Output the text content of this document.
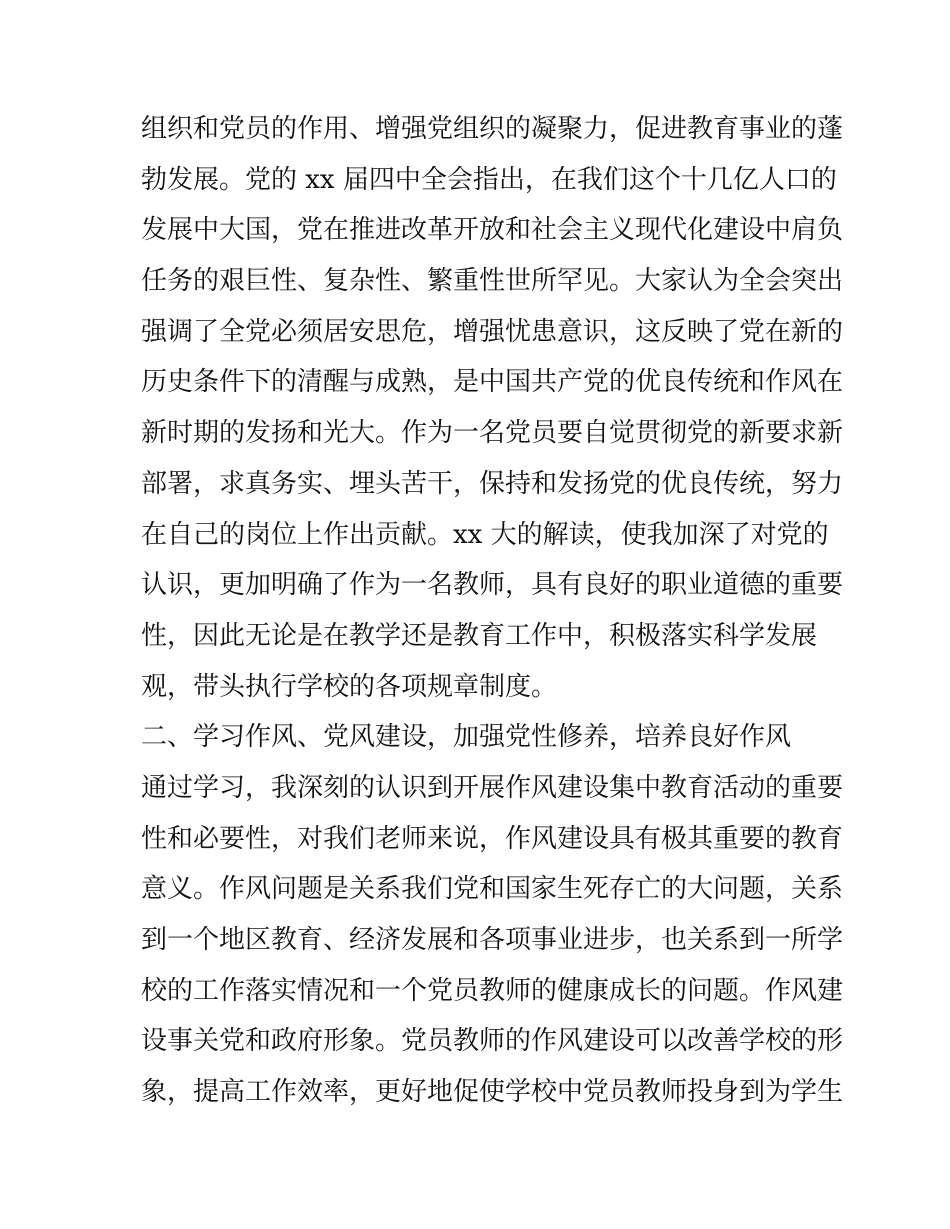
组织和党员的作用、增强党组织的凝聚力，促进教育事业的蓬
勃发展。党的 xx 届四中全会指出，在我们这个十几亿人口的
发展中大国，党在推进改革开放和社会主义现代化建设中肩负
任务的艰巨性、复杂性、繁重性世所罕见。大家认为全会突出
强调了全党必须居安思危，增强忧患意识，这反映了党在新的
历史条件下的清醒与成熟，是中国共产党的优良传统和作风在
新时期的发扬和光大。作为一名党员要自觉贯彻党的新要求新
部署，求真务实、埋头苦干，保持和发扬党的优良传统，努力
在自己的岗位上作出贡献。xx 大的解读，使我加深了对党的
认识，更加明确了作为一名教师，具有良好的职业道德的重要
性，因此无论是在教学还是教育工作中，积极落实科学发展
观，带头执行学校的各项规章制度。
二、学习作风、党风建设，加强党性修养，培养良好作风
通过学习，我深刻的认识到开展作风建设集中教育活动的重要
性和必要性，对我们老师来说，作风建设具有极其重要的教育
意义。作风问题是关系我们党和国家生死存亡的大问题，关系
到一个地区教育、经济发展和各项事业进步，也关系到一所学
校的工作落实情况和一个党员教师的健康成长的问题。作风建
设事关党和政府形象。党员教师的作风建设可以改善学校的形
象，提高工作效率，更好地促使学校中党员教师投身到为学生
